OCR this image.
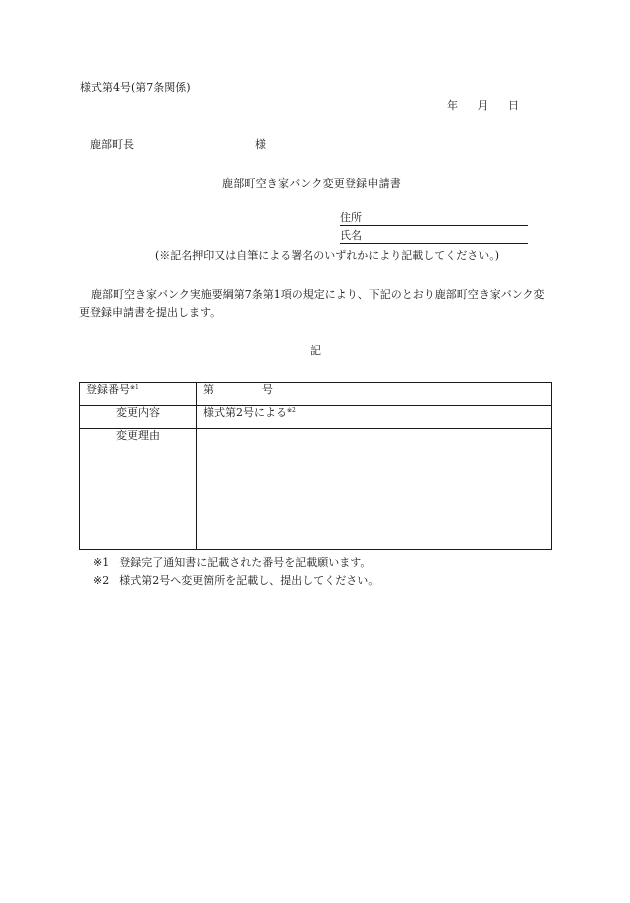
様式第4号(第7条関係)
年 月 日
鹿部町長	様
鹿部町空き家バンク変更登録申請書
住所
氏名
(※記名押印又は自筆による署名のいずれかにより記載してください。)
鹿部町空き家バンク実施要綱第7条第1項の規定により、下記のとおり鹿部町空き家バンク変更登録申請書を提出します。
記
登録番号$^{※1}$	第 号
変更内容	様式第2号による$^{※2}$
変更理由	
※1 登録完了通知書に記載された番号を記載願います。
※2 様式第2号へ変更箇所を記載し、提出してください。
